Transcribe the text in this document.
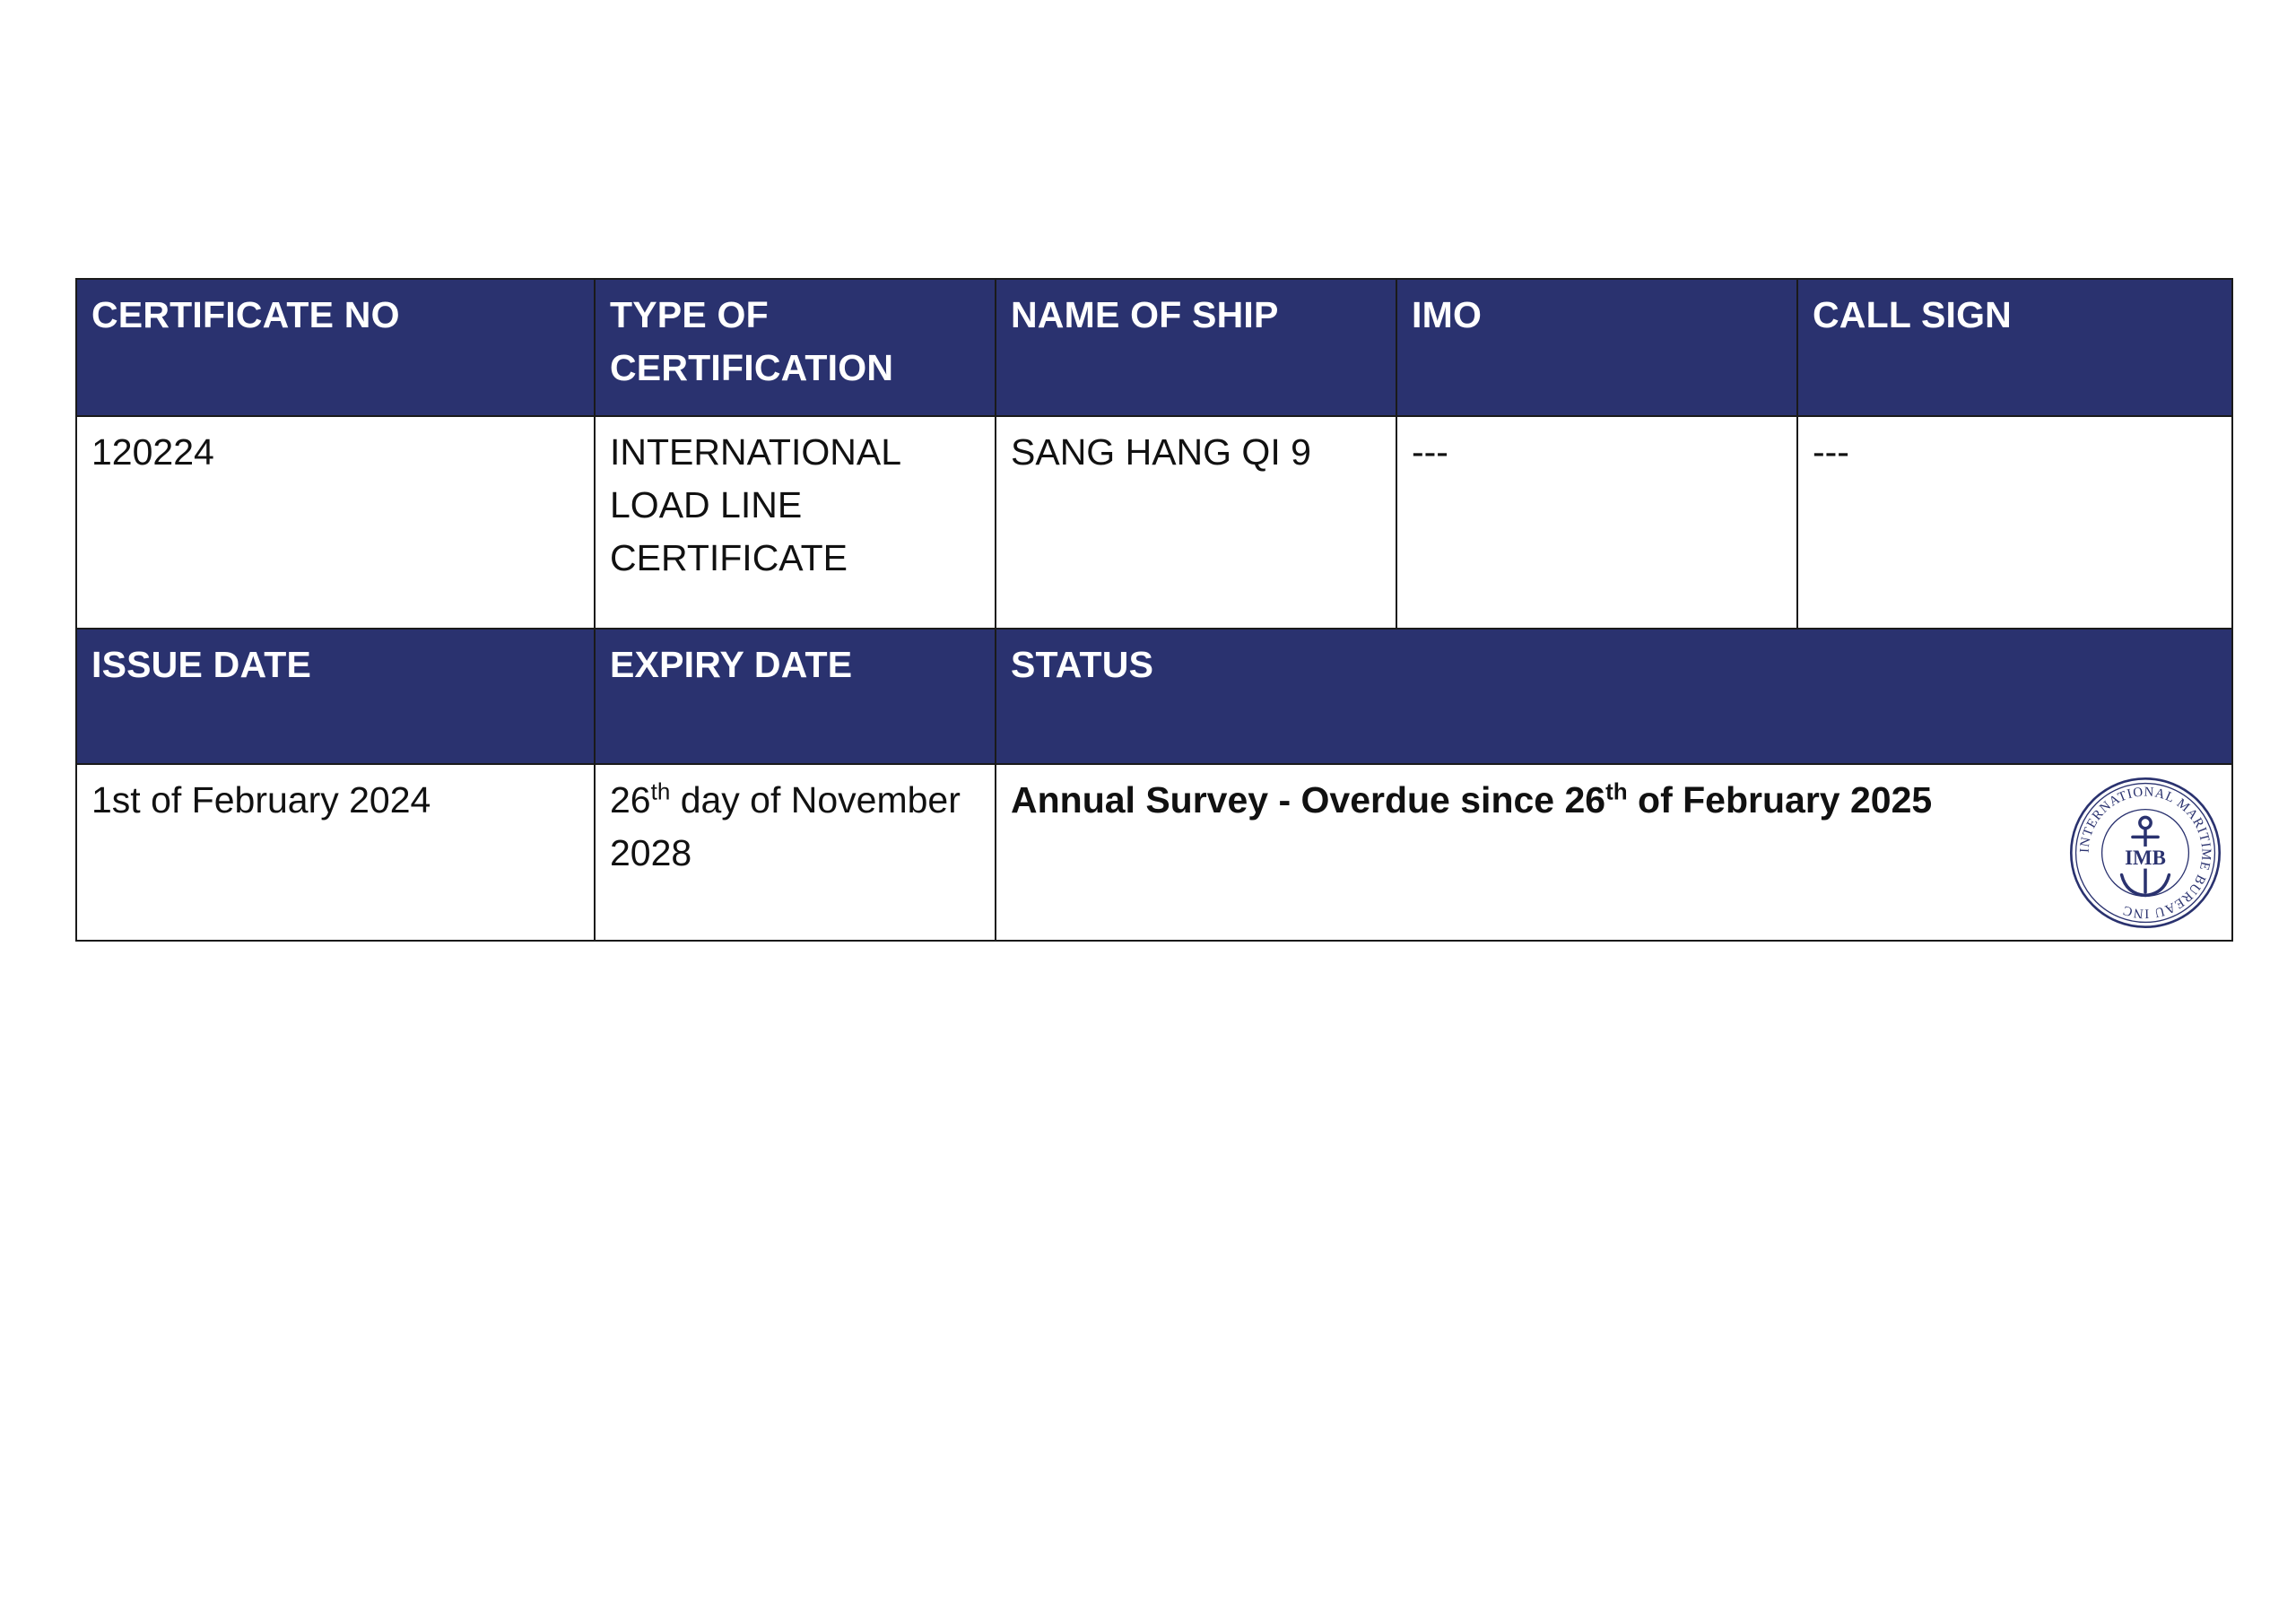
CERTIFICATE NO	TYPE OF CERTIFICATION	NAME OF SHIP	IMO	CALL SIGN
120224	INTERNATIONAL LOAD LINE CERTIFICATE	SANG HANG QI 9	---	---
ISSUE DATE	EXPIRY DATE	STATUS		
1st of February 2024	26th day of November 2028	Annual Survey - Overdue since 26th of February 2025
INTERNATIONAL MARITIME BUREAU INC
IMB		
